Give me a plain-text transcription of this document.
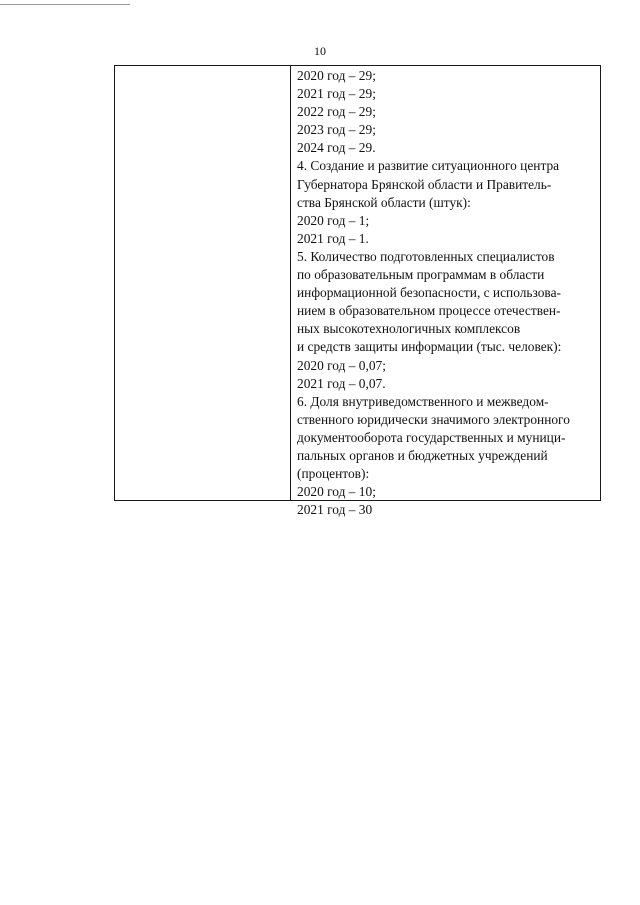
10
2020 год – 29;
2021 год – 29;
2022 год – 29;
2023 год – 29;
2024 год – 29.
4. Создание и развитие ситуационного центра
Губернатора Брянской области и Правитель-
ства Брянской области (штук):
2020 год – 1;
2021 год – 1.
5. Количество подготовленных специалистов
по образовательным программам в области
информационной безопасности, с использова-
нием в образовательном процессе отечествен-
ных высокотехнологичных комплексов
и средств защиты информации (тыс. человек):
2020 год – 0,07;
2021 год – 0,07.
6. Доля внутриведомственного и межведом-
ственного юридически значимого электронного
документооборота государственных и муници-
пальных органов и бюджетных учреждений
(процентов):
2020 год – 10;
2021 год – 30
